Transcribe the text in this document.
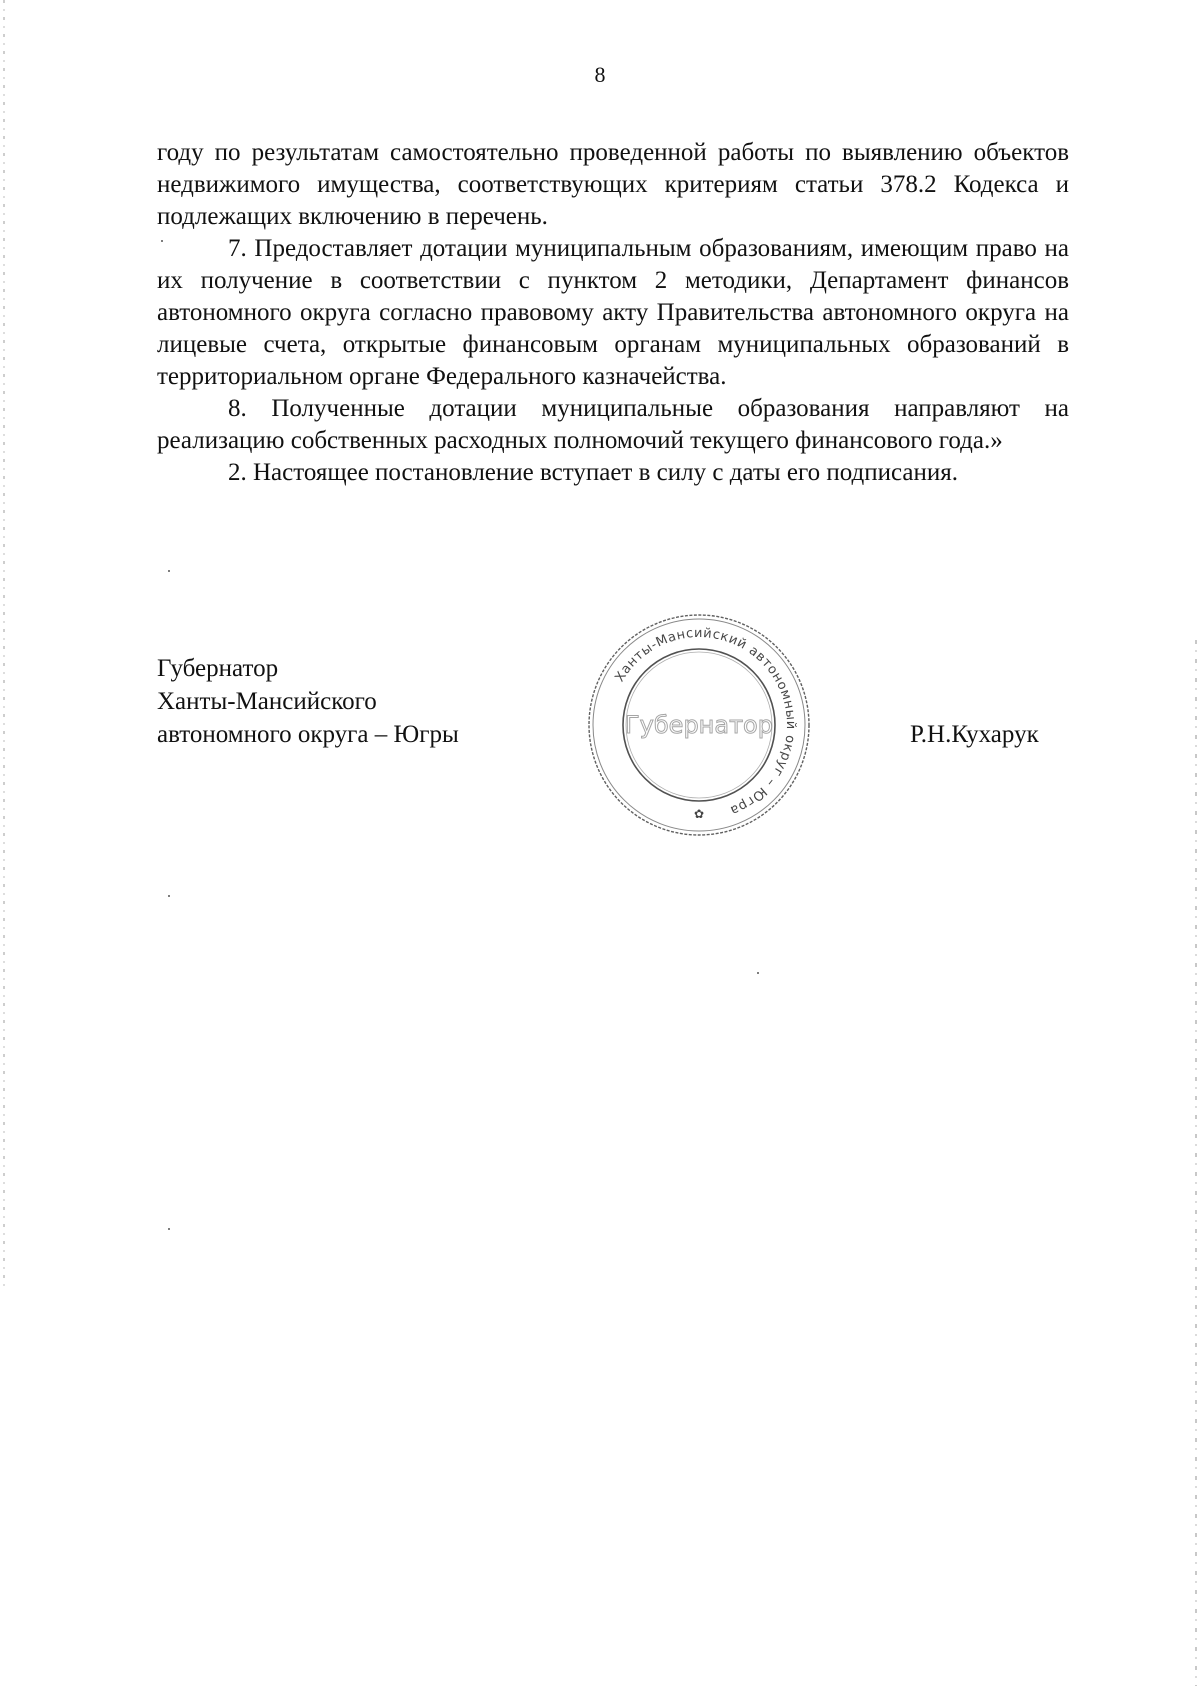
8

году по результатам самостоятельно проведенной работы по выявлению объектов недвижимого имущества, соответствующих критериям статьи 378.2 Кодекса и подлежащих включению в перечень.

7. Предоставляет дотации муниципальным образованиям, имеющим право на их получение в соответствии с пунктом 2 методики, Департамент финансов автономного округа согласно правовому акту Правительства автономного округа на лицевые счета, открытые финансовым органам муниципальных образований в территориальном органе Федерального казначейства.

8. Полученные дотации муниципальные образования направляют на реализацию собственных расходных полномочий текущего финансового года.»

2. Настоящее постановление вступает в силу с даты его подписания.

Губернатор
Ханты-Мансийского
автономного округа – Югры
Ханты-Мансийский автономный округ – Югра
Губернатор
✿
Р.Н.Кухарук
